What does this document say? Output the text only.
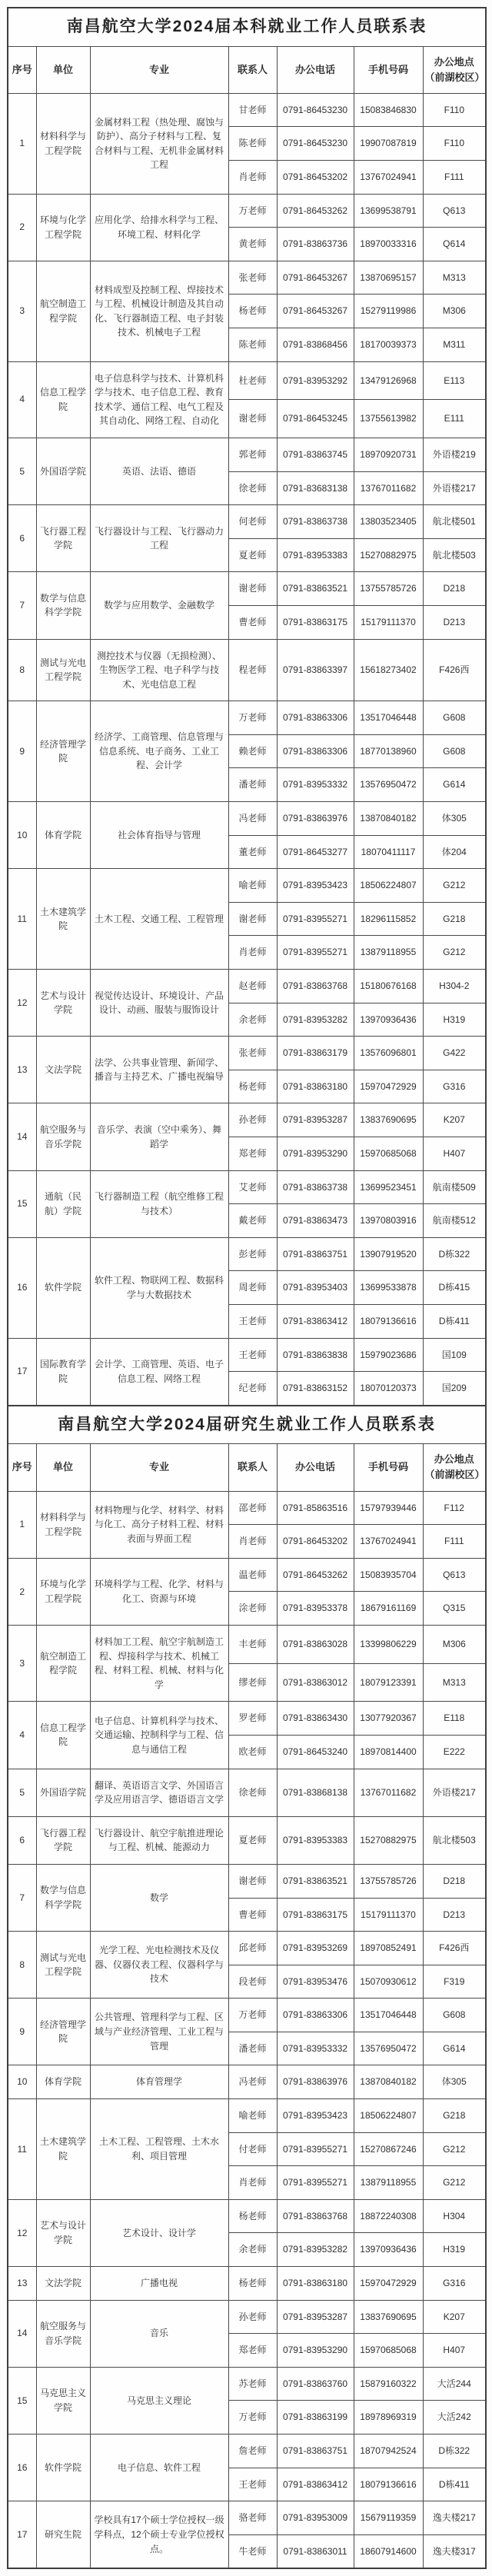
南昌航空大学2024届本科就业工作人员联系表						
序号	单位	专业	联系人	办公电话	手机号码	办公地点（前湖校区）
1	材料科学与工程学院	金属材料工程（热处理、腐蚀与防护）、高分子材料与工程、复合材料与工程、无机非金属材料工程	甘老师	0791-86453230	15083846830	F110
			陈老师	0791-86453230	19907087819	F110
			肖老师	0791-86453202	13767024941	F111
2	环境与化学工程学院	应用化学、给排水科学与工程、环境工程、材料化学	万老师	0791-86453262	13699538791	Q613
			黄老师	0791-83863736	18970033316	Q614
3	航空制造工程学院	材料成型及控制工程、焊接技术与工程、机械设计制造及其自动化、飞行器制造工程、电子封装技术、机械电子工程	张老师	0791-86453267	13870695157	M313
			杨老师	0791-86453267	15279119986	M306
			陈老师	0791-83868456	18170039373	M311
4	信息工程学院	电子信息科学与技术、计算机科学与技术、电子信息工程、教育技术学、通信工程、电气工程及其自动化、网络工程、自动化	杜老师	0791-83953292	13479126968	E113
			谢老师	0791-86453245	13755613982	E111
5	外国语学院	英语、法语、德语	郭老师	0791-83863745	18970920731	外语楼219
			徐老师	0791-83683138	13767011682	外语楼217
6	飞行器工程学院	飞行器设计与工程、飞行器动力工程	何老师	0791-83863738	13803523405	航北楼501
			夏老师	0791-83953383	15270882975	航北楼503
7	数学与信息科学学院	数学与应用数学、金融数学	谢老师	0791-83863521	13755785726	D218
			曹老师	0791-83863175	15179111370	D213
8	测试与光电工程学院	测控技术与仪器（无损检测）、生物医学工程、电子科学与技术、光电信息工程	程老师	0791-83863397	15618273402	F426西
9	经济管理学院	经济学、工商管理、信息管理与信息系统、电子商务、工业工程、会计学	万老师	0791-83863306	13517046448	G608
			赖老师	0791-83863306	18770138960	G608
			潘老师	0791-83953332	13576950472	G614
10	体育学院	社会体育指导与管理	冯老师	0791-83863976	13870840182	体305
			董老师	0791-86453277	18070411117	体204
11	土木建筑学院	土木工程、交通工程、工程管理	喻老师	0791-83953423	18506224807	G212
			谢老师	0791-83955271	18296115852	G218
			肖老师	0791-83955271	13879118955	G212
12	艺术与设计学院	视觉传达设计、环境设计、产品设计、动画、服装与服饰设计	赵老师	0791-83863768	15180676168	H304-2
			余老师	0791-83953282	13970936436	H319
13	文法学院	法学、公共事业管理、新闻学、播音与主持艺术、广播电视编导	张老师	0791-83863179	13576096801	G422
			杨老师	0791-83863180	15970472929	G316
14	航空服务与音乐学院	音乐学、表演（空中乘务）、舞蹈学	孙老师	0791-83953287	13837690695	K207
			郑老师	0791-83953290	15970685068	H407
15	通航（民航）学院	飞行器制造工程（航空维修工程与技术）	艾老师	0791-83863738	13699523451	航南楼509
			戴老师	0791-83863473	13970803916	航南楼512
16	软件学院	软件工程、物联网工程、数据科学与大数据技术	彭老师	0791-83863751	13907919520	D栋322
			周老师	0791-83953403	13699533878	D栋415
			王老师	0791-83863412	18079136616	D栋411
17	国际教育学院	会计学、工商管理、英语、电子信息工程、网络工程	王老师	0791-83863838	15979023686	国109
			纪老师	0791-83863152	18070120373	国209
南昌航空大学2024届研究生就业工作人员联系表						
序号	单位	专业	联系人	办公电话	手机号码	办公地点（前湖校区）
1	材料科学与工程学院	材料物理与化学、材料学、材料与化工、高分子材料工程、材料表面与界面工程	邵老师	0791-85863516	15797939446	F112
			肖老师	0791-86453202	13767024941	F111
2	环境与化学工程学院	环境科学与工程、化学、材料与化工、资源与环境	温老师	0791-86453262	15083935704	Q613
			涂老师	0791-83953378	18679161169	Q315
3	航空制造工程学院	材料加工工程、航空宇航制造工程、焊接科学与技术、机械工程、材料工程、机械、材料与化学	丰老师	0791-83863028	13399806229	M306
			缪老师	0791-83863012	18079123391	M313
4	信息工程学院	电子信息、计算机科学与技术、交通运输、控制科学与工程、信息与通信工程	罗老师	0791-83863430	13077920367	E118
			欧老师	0791-86453240	18970814400	E222
5	外国语学院	翻译、英语语言文学、外国语言学及应用语言学、德语语言文学	徐老师	0791-83868138	13767011682	外语楼217
6	飞行器工程学院	飞行器设计、航空宇航推进理论与工程、机械、能源动力	夏老师	0791-83953383	15270882975	航北楼503
7	数学与信息科学学院	数学	谢老师	0791-83863521	13755785726	D218
			曹老师	0791-83863175	15179111370	D213
8	测试与光电工程学院	光学工程、光电检测技术及仪器、仪器仪表工程、仪器科学与技术	邱老师	0791-83953269	18970852491	F426西
			段老师	0791-83953476	15070930612	F319
9	经济管理学院	公共管理、管理科学与工程、区域与产业经济管理、工业工程与管理	万老师	0791-83863306	13517046448	G608
			潘老师	0791-83953332	13576950472	G614
10	体育学院	体育管理学	冯老师	0791-83863976	13870840182	体305
11	土木建筑学院	土木工程、工程管理、土木水利、项目管理	喻老师	0791-83953423	18506224807	G218
			付老师	0791-83955271	15270867246	G212
			肖老师	0791-83955271	13879118955	G212
12	艺术与设计学院	艺术设计、设计学	杨老师	0791-83863768	18872240308	H304
			余老师	0791-83953282	13970936436	H319
13	文法学院	广播电视	杨老师	0791-83863180	15970472929	G316
14	航空服务与音乐学院	音乐	孙老师	0791-83953287	13837690695	K207
			郑老师	0791-83953290	15970685068	H407
15	马克思主义学院	马克思主义理论	苏老师	0791-83863760	15879160322	大活244
			万老师	0791-83863199	18978969319	大活242
16	软件学院	电子信息、软件工程	詹老师	0791-83863751	18707942524	D栋322
			王老师	0791-83863412	18079136616	D栋411
17	研究生院	学校具有17个硕士学位授权一级学科点，12个硕士专业学位授权点。	骆老师	0791-83953009	15679119359	逸夫楼217
			牛老师	0791-83863011	18607914600	逸夫楼317
